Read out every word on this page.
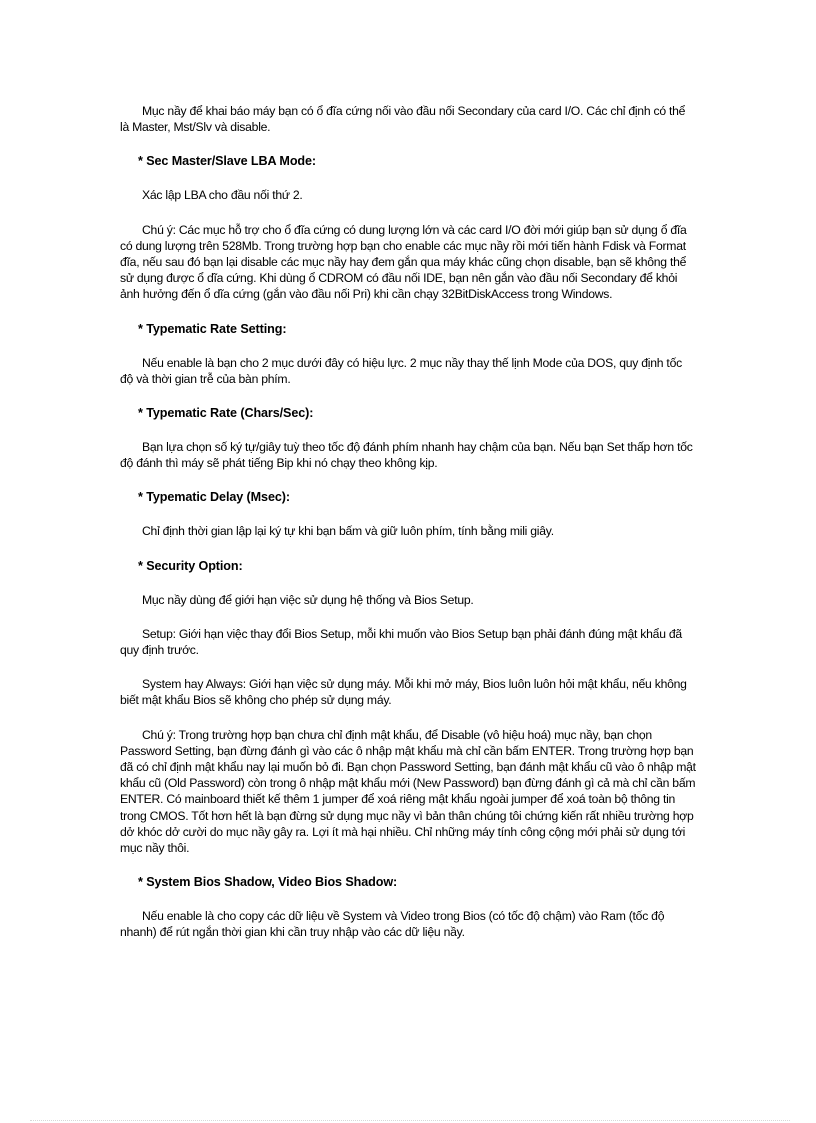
Mục nầy để khai báo máy bạn có ổ đĩa cứng nối vào đầu nối Secondary của card I/O. Các chỉ định có thể là Master, Mst/Slv và disable.

* Sec Master/Slave LBA Mode:

Xác lập LBA cho đầu nối thứ 2.

Chú ý: Các mục hỗ trợ cho ổ đĩa cứng có dung lượng lớn và các card I/O đời mới giúp bạn sử dụng ổ đĩa có dung lượng trên 528Mb. Trong trường hợp bạn cho enable các mục nầy rồi mới tiến hành Fdisk và Format đĩa, nếu sau đó bạn lại disable các mục nầy hay đem gắn qua máy khác cũng chọn disable, bạn sẽ không thể sử dụng được ổ dĩa cứng. Khi dùng ổ CDROM có đầu nối IDE, bạn nên gắn vào đầu nối Secondary để khỏi ảnh hưởng đến ổ dĩa cứng (gắn vào đầu nối Pri) khi cần chạy 32BitDiskAccess trong Windows.

* Typematic Rate Setting:

Nếu enable là bạn cho 2 mục dưới đây có hiệu lực. 2 mục nầy thay thế lịnh Mode của DOS, quy định tốc độ và thời gian trễ của bàn phím.

* Typematic Rate (Chars/Sec):

Bạn lựa chọn số ký tự/giây tuỳ theo tốc độ đánh phím nhanh hay chậm của bạn. Nếu bạn Set thấp hơn tốc độ đánh thì máy sẽ phát tiếng Bip khi nó chạy theo không kịp.

* Typematic Delay (Msec):

Chỉ định thời gian lập lại ký tự khi bạn bấm và giữ luôn phím, tính bằng mili giây.

* Security Option:

Mục nầy dùng để giới hạn việc sử dụng hệ thống và Bios Setup.

Setup: Giới hạn việc thay đổi Bios Setup, mỗi khi muốn vào Bios Setup bạn phải đánh đúng mật khẩu đã quy định trước.

System hay Always: Giới hạn việc sử dụng máy. Mỗi khi mở máy, Bios luôn luôn hỏi mật khẩu, nếu không biết mật khẩu Bios sẽ không cho phép sử dụng máy.

Chú ý: Trong trường hợp bạn chưa chỉ định mật khẩu, để Disable (vô hiệu hoá) mục nầy, bạn chọn Password Setting, bạn đừng đánh gì vào các ô nhập mật khẩu mà chỉ cần bấm ENTER. Trong trường hợp bạn đã có chỉ định mật khẩu nay lại muốn bỏ đi. Bạn chọn Password Setting, bạn đánh mật khẩu cũ vào ô nhập mật khẩu cũ (Old Password) còn trong ô nhập mật khẩu mới (New Password) bạn đừng đánh gì cả mà chỉ cần bấm ENTER. Có mainboard thiết kế thêm 1 jumper để xoá riêng mật khẩu ngoài jumper để xoá toàn bộ thông tin trong CMOS. Tốt hơn hết là bạn đừng sử dụng mục nầy vì bản thân chúng tôi chứng kiến rất nhiều trường hợp dở khóc dở cười do mục nầy gây ra. Lợi ít mà hại nhiều. Chỉ những máy tính công cộng mới phải sử dụng tới mục nầy thôi.

* System Bios Shadow, Video Bios Shadow:

Nếu enable là cho copy các dữ liệu về System và Video trong Bios (có tốc độ chậm) vào Ram (tốc độ nhanh) để rút ngắn thời gian khi cần truy nhập vào các dữ liệu nầy.
